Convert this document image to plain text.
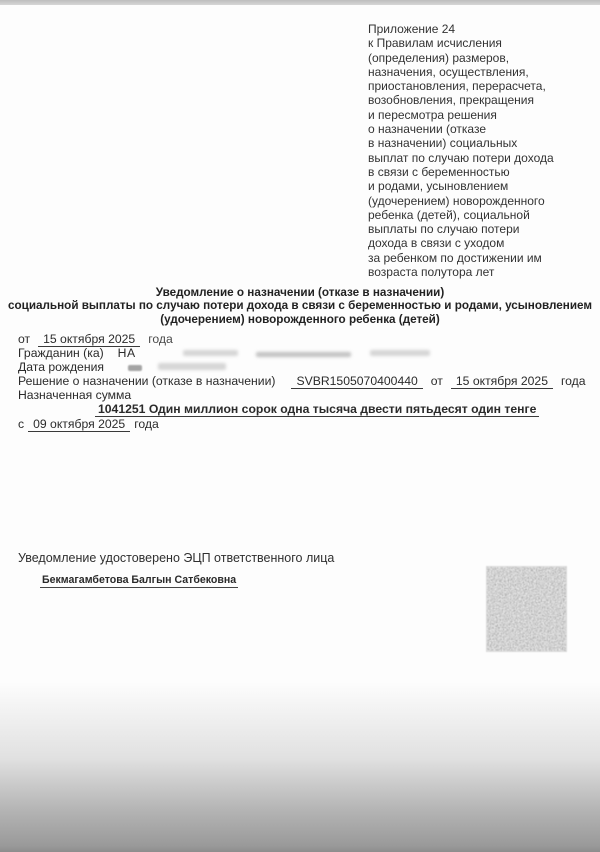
Приложение 24
к Правилам исчисления
(определения) размеров,
назначения, осуществления,
приостановления, перерасчета,
возобновления, прекращения
и пересмотра решения
о назначении (отказе
в назначении) социальных
выплат по случаю потери дохода
в связи с беременностью
и родами, усыновлением
(удочерением) новорожденного
ребенка (детей), социальной
выплаты по случаю потери
дохода в связи с уходом
за ребенком по достижении им
возраста полутора лет
Уведомление о назначении (отказе в назначении)
социальной выплаты по случаю потери дохода в связи с беременностью и родами, усыновлением
(удочерением) новорожденного ребенка (детей)
от 15 октября 2025 года
Гражданин (ка) НА
Дата рождения
Решение о назначении (отказе в назначении) SVBR1505070400440 от 15 октября 2025 года
Назначенная сумма
1041251 Один миллион сорок одна тысяча двести пятьдесят один тенге
с 09 октября 2025 года
Уведомление удостоверено ЭЦП ответственного лица
Бекмагамбетова Балгын Сатбековна
